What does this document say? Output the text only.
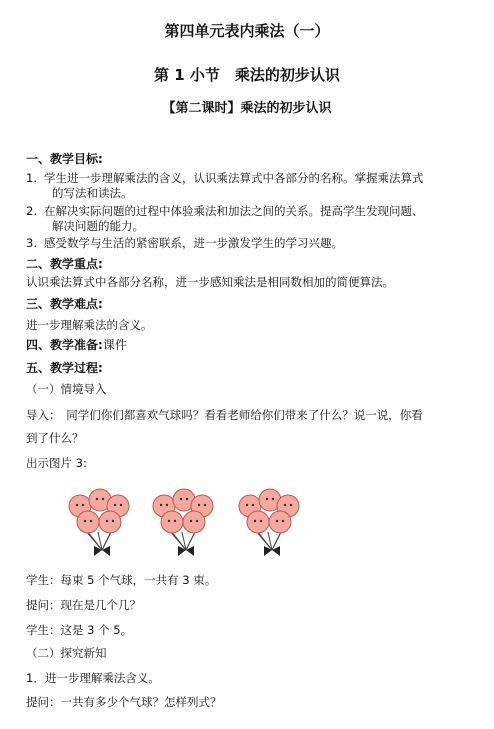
第四单元表内乘法（一）
第 1 小节　乘法的初步认识
【第二课时】乘法的初步认识
一、教学目标:
1. 学生进一步理解乘法的含义，认识乘法算式中各部分的名称。掌握乘法算式
的写法和读法。
2. 在解决实际问题的过程中体验乘法和加法之间的关系。提高学生发现问题、
解决问题的能力。
3. 感受数学与生活的紧密联系，进一步激发学生的学习兴趣。
二、教学重点:
认识乘法算式中各部分名称，进一步感知乘法是相同数相加的简便算法。
三、教学难点:
进一步理解乘法的含义。
四、教学准备:课件
五、教学过程:
（一）情境导入
导入：　同学们你们都喜欢气球吗？看看老师给你们带来了什么？说一说，你看
到了什么？
出示图片 3:
学生：每束 5 个气球，一共有 3 束。
提问：现在是几个几？
学生：这是 3 个 5。
（二）探究新知
1．进一步理解乘法含义。
提问：一共有多少个气球？怎样列式？
